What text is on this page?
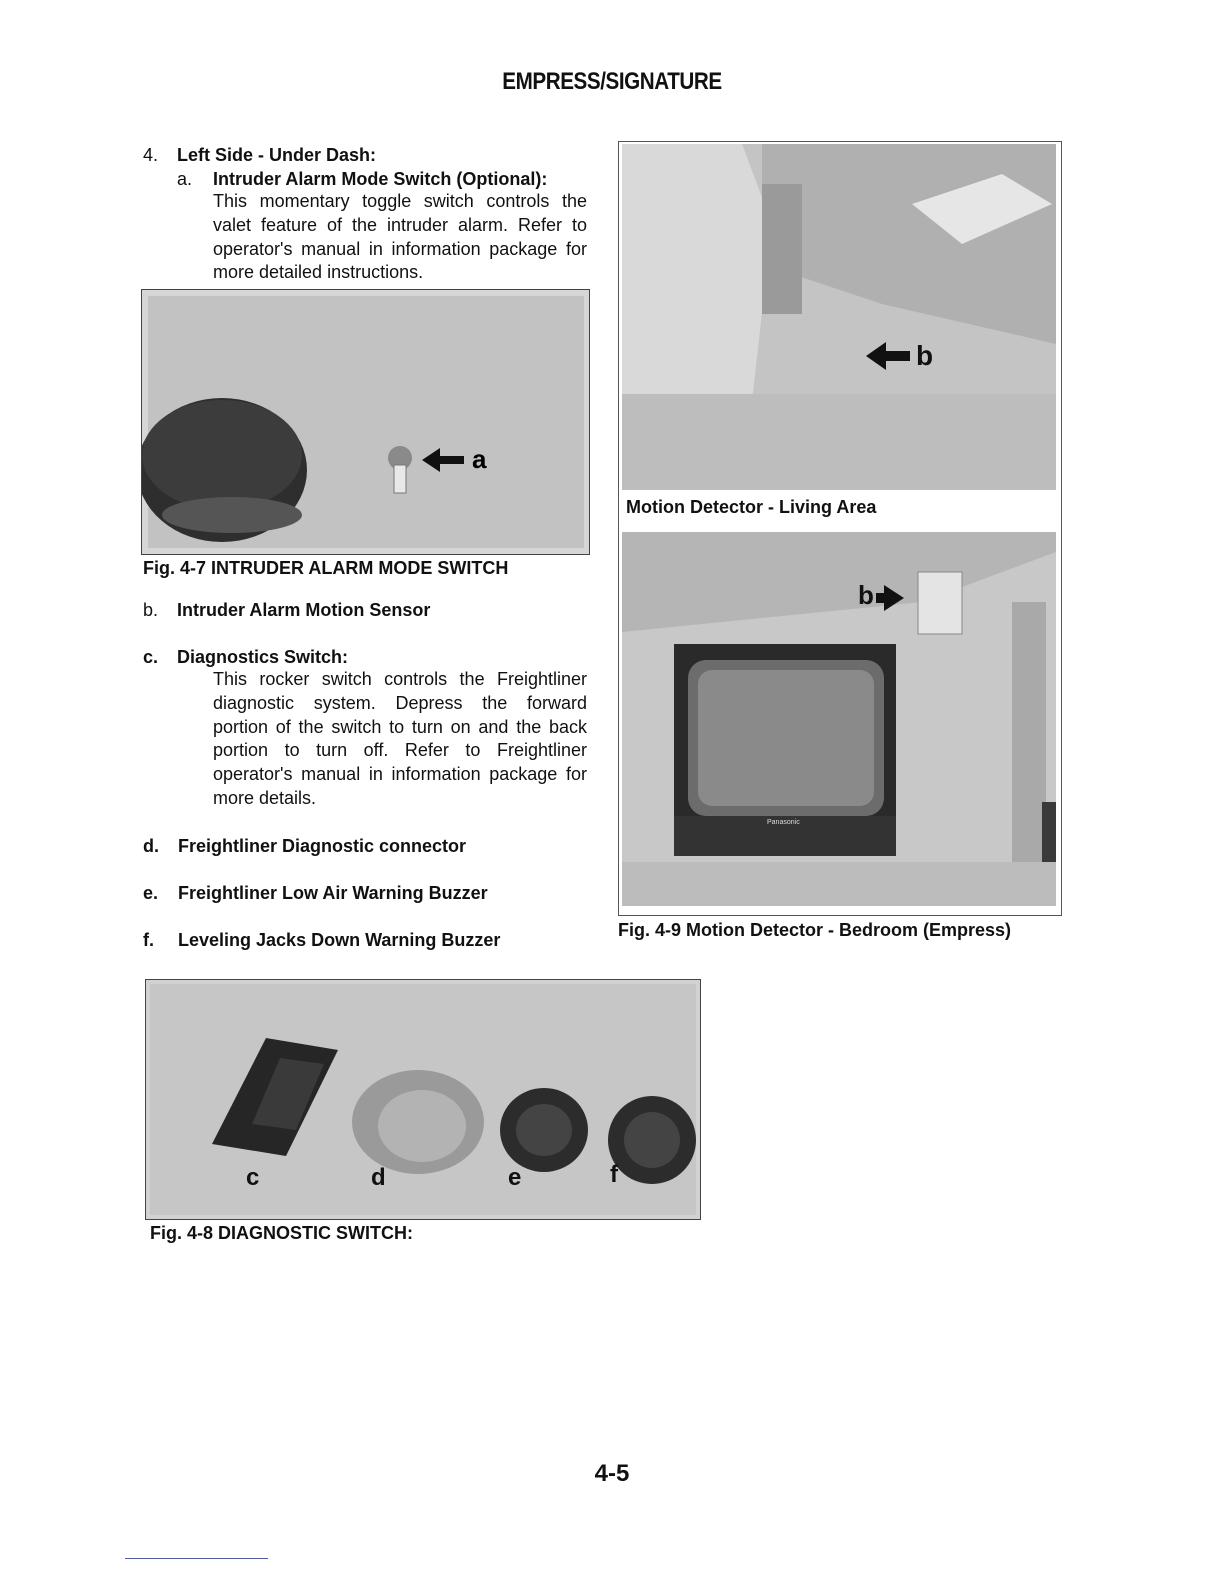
EMPRESS/SIGNATURE
4. Left Side - Under Dash:
a. Intruder Alarm Mode Switch (Optional):
This momentary toggle switch controls the valet feature of the intruder alarm. Refer to operator's manual in information package for more detailed instructions.
a
Fig. 4-7 INTRUDER ALARM MODE SWITCH
b. Intruder Alarm Motion Sensor
c. Diagnostics Switch:
This rocker switch controls the Freightliner diagnostic system. Depress the forward portion of the switch to turn on and the back portion to turn off. Refer to Freightliner operator's manual in information package for more details.
d. Freightliner Diagnostic connector
e. Freightliner Low Air Warning Buzzer
f. Leveling Jacks Down Warning Buzzer
b
Motion Detector - Living Area
Panasonic
b
Fig. 4-9 Motion Detector - Bedroom (Empress)
c	d	e	f
Fig. 4-8 DIAGNOSTIC SWITCH:
4-5
